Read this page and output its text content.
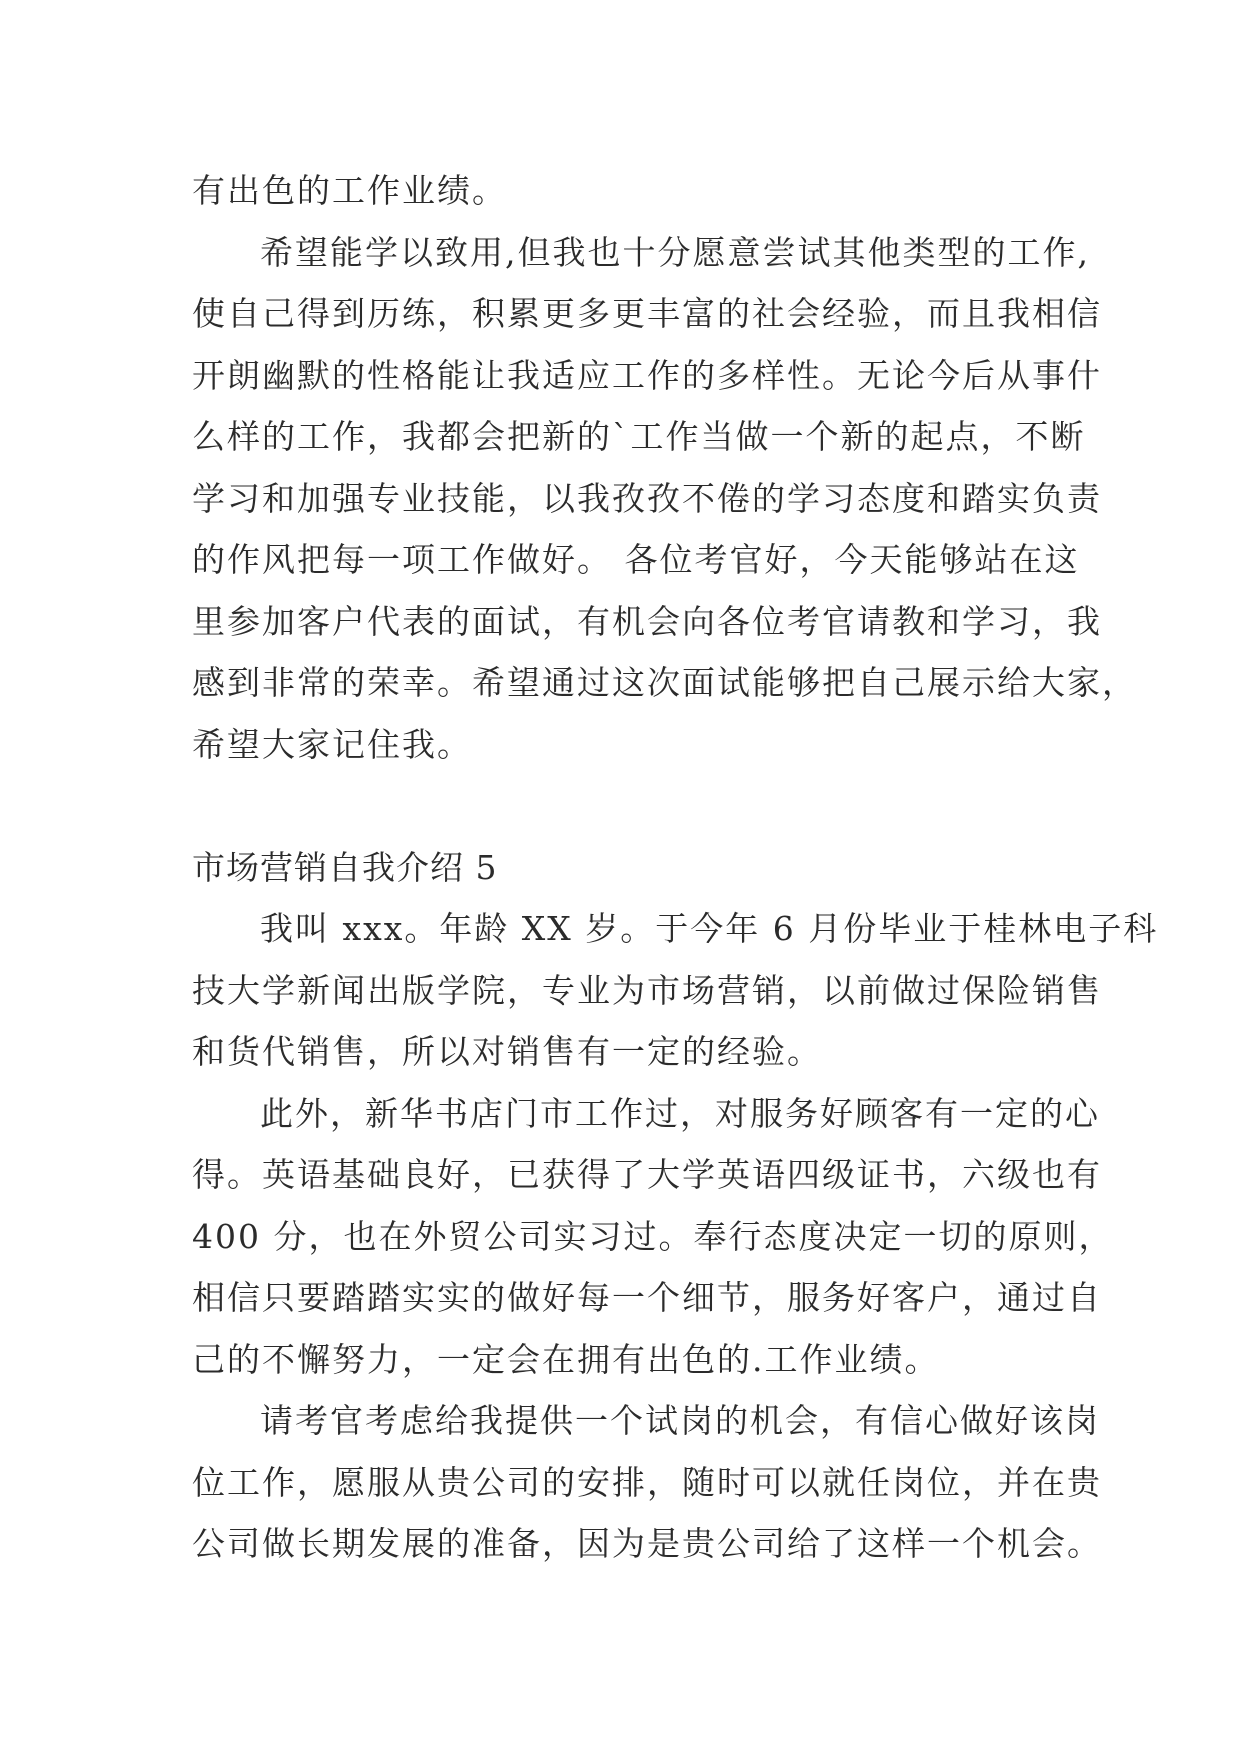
有出色的工作业绩。

希望能学以致用,但我也十分愿意尝试其他类型的工作,

使自己得到历练，积累更多更丰富的社会经验，而且我相信

开朗幽默的性格能让我适应工作的多样性。无论今后从事什

么样的工作，我都会把新的`工作当做一个新的起点，不断

学习和加强专业技能，以我孜孜不倦的学习态度和踏实负责

的作风把每一项工作做好。 各位考官好，今天能够站在这

里参加客户代表的面试，有机会向各位考官请教和学习，我

感到非常的荣幸。希望通过这次面试能够把自己展示给大家，

希望大家记住我。

市场营销自我介绍 5

我叫 xxx。年龄 XX 岁。于今年 6 月份毕业于桂林电子科

技大学新闻出版学院，专业为市场营销，以前做过保险销售

和货代销售，所以对销售有一定的经验。

此外，新华书店门市工作过，对服务好顾客有一定的心

得。英语基础良好，已获得了大学英语四级证书，六级也有

400 分，也在外贸公司实习过。奉行态度决定一切的原则，

相信只要踏踏实实的做好每一个细节，服务好客户，通过自

己的不懈努力，一定会在拥有出色的.工作业绩。

请考官考虑给我提供一个试岗的机会，有信心做好该岗

位工作，愿服从贵公司的安排，随时可以就任岗位，并在贵

公司做长期发展的准备，因为是贵公司给了这样一个机会。
